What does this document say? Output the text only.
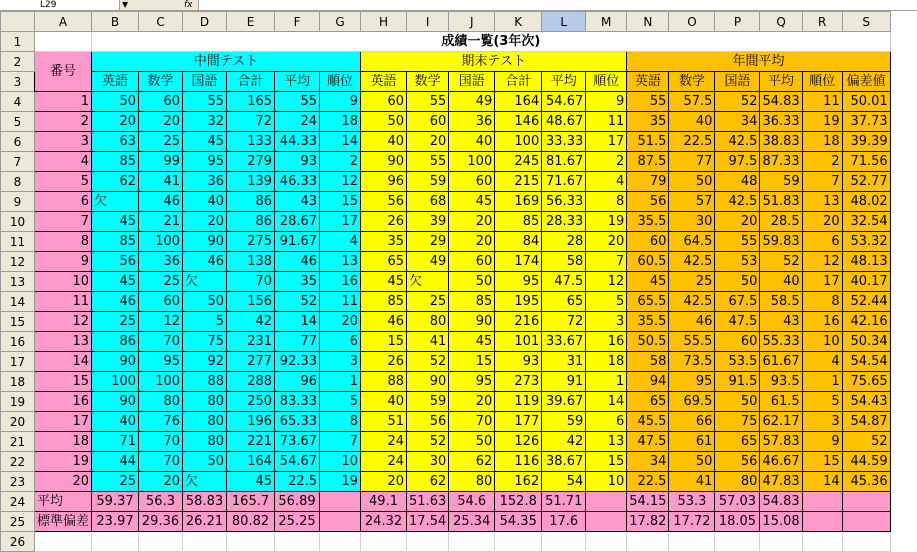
L29	▼	fx
	A	B	C	D	E	F	G	H	I	J	K	L	M	N	O	P	Q	R	S
1		成績一覧(3年次)																	
2	番号	中間テスト						期末テスト						年間平均					
3		英語	数学	国語	合計	平均	順位	英語	数学	国語	合計	平均	順位	英語	数学	国語	平均	順位	偏差値
4	1	50	60	55	165	55	9	60	55	49	164	54.67	9	55	57.5	52	54.83	11	50.01
5	2	20	20	32	72	24	18	50	60	36	146	48.67	11	35	40	34	36.33	19	37.73
6	3	63	25	45	133	44.33	14	40	20	40	100	33.33	17	51.5	22.5	42.5	38.83	18	39.39
7	4	85	99	95	279	93	2	90	55	100	245	81.67	2	87.5	77	97.5	87.33	2	71.56
8	5	62	41	36	139	46.33	12	96	59	60	215	71.67	4	79	50	48	59	7	52.77
9	6	欠	46	40	86	43	15	56	68	45	169	56.33	8	56	57	42.5	51.83	13	48.02
10	7	45	21	20	86	28.67	17	26	39	20	85	28.33	19	35.5	30	20	28.5	20	32.54
11	8	85	100	90	275	91.67	4	35	29	20	84	28	20	60	64.5	55	59.83	6	53.32
12	9	56	36	46	138	46	13	65	49	60	174	58	7	60.5	42.5	53	52	12	48.13
13	10	45	25	欠	70	35	16	45	欠	50	95	47.5	12	45	25	50	40	17	40.17
14	11	46	60	50	156	52	11	85	25	85	195	65	5	65.5	42.5	67.5	58.5	8	52.44
15	12	25	12	5	42	14	20	46	80	90	216	72	3	35.5	46	47.5	43	16	42.16
16	13	86	70	75	231	77	6	15	41	45	101	33.67	16	50.5	55.5	60	55.33	10	50.34
17	14	90	95	92	277	92.33	3	26	52	15	93	31	18	58	73.5	53.5	61.67	4	54.54
18	15	100	100	88	288	96	1	88	90	95	273	91	1	94	95	91.5	93.5	1	75.65
19	16	90	80	80	250	83.33	5	40	59	20	119	39.67	14	65	69.5	50	61.5	5	54.43
20	17	40	76	80	196	65.33	8	51	56	70	177	59	6	45.5	66	75	62.17	3	54.87
21	18	71	70	80	221	73.67	7	24	52	50	126	42	13	47.5	61	65	57.83	9	52
22	19	44	70	50	164	54.67	10	24	30	62	116	38.67	15	34	50	56	46.67	15	44.59
23	20	25	20	欠	45	22.5	19	20	62	80	162	54	10	22.5	41	80	47.83	14	45.36
24	平均	59.37	56.3	58.83	165.7	56.89		49.1	51.63	54.6	152.8	51.71		54.15	53.3	57.03	54.83		
25	標準偏差	23.97	29.36	26.21	80.82	25.25		24.32	17.54	25.34	54.35	17.6		17.82	17.72	18.05	15.08		
26																			
